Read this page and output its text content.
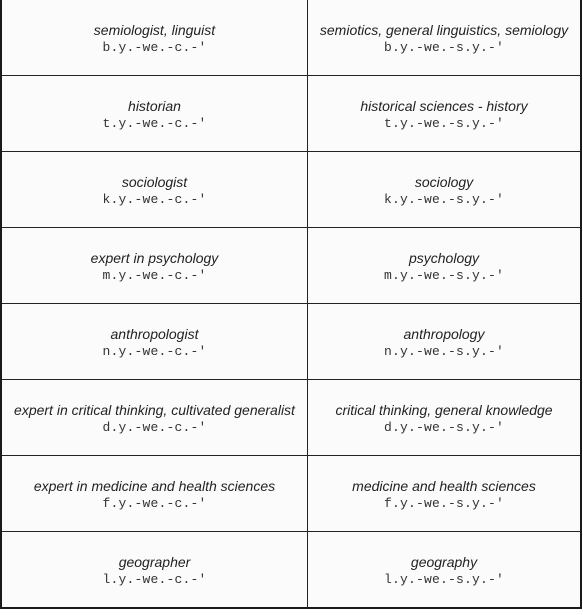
semiologist, linguist
b.y.-we.-c.-'
semiotics, general linguistics, semiology
b.y.-we.-s.y.-'
historian
t.y.-we.-c.-'
historical sciences - history
t.y.-we.-s.y.-'
sociologist
k.y.-we.-c.-'
sociology
k.y.-we.-s.y.-'
expert in psychology
m.y.-we.-c.-'
psychology
m.y.-we.-s.y.-'
anthropologist
n.y.-we.-c.-'
anthropology
n.y.-we.-s.y.-'
expert in critical thinking, cultivated generalist
d.y.-we.-c.-'
critical thinking, general knowledge
d.y.-we.-s.y.-'
expert in medicine and health sciences
f.y.-we.-c.-'
medicine and health sciences
f.y.-we.-s.y.-'
geographer
l.y.-we.-c.-'
geography
l.y.-we.-s.y.-'
